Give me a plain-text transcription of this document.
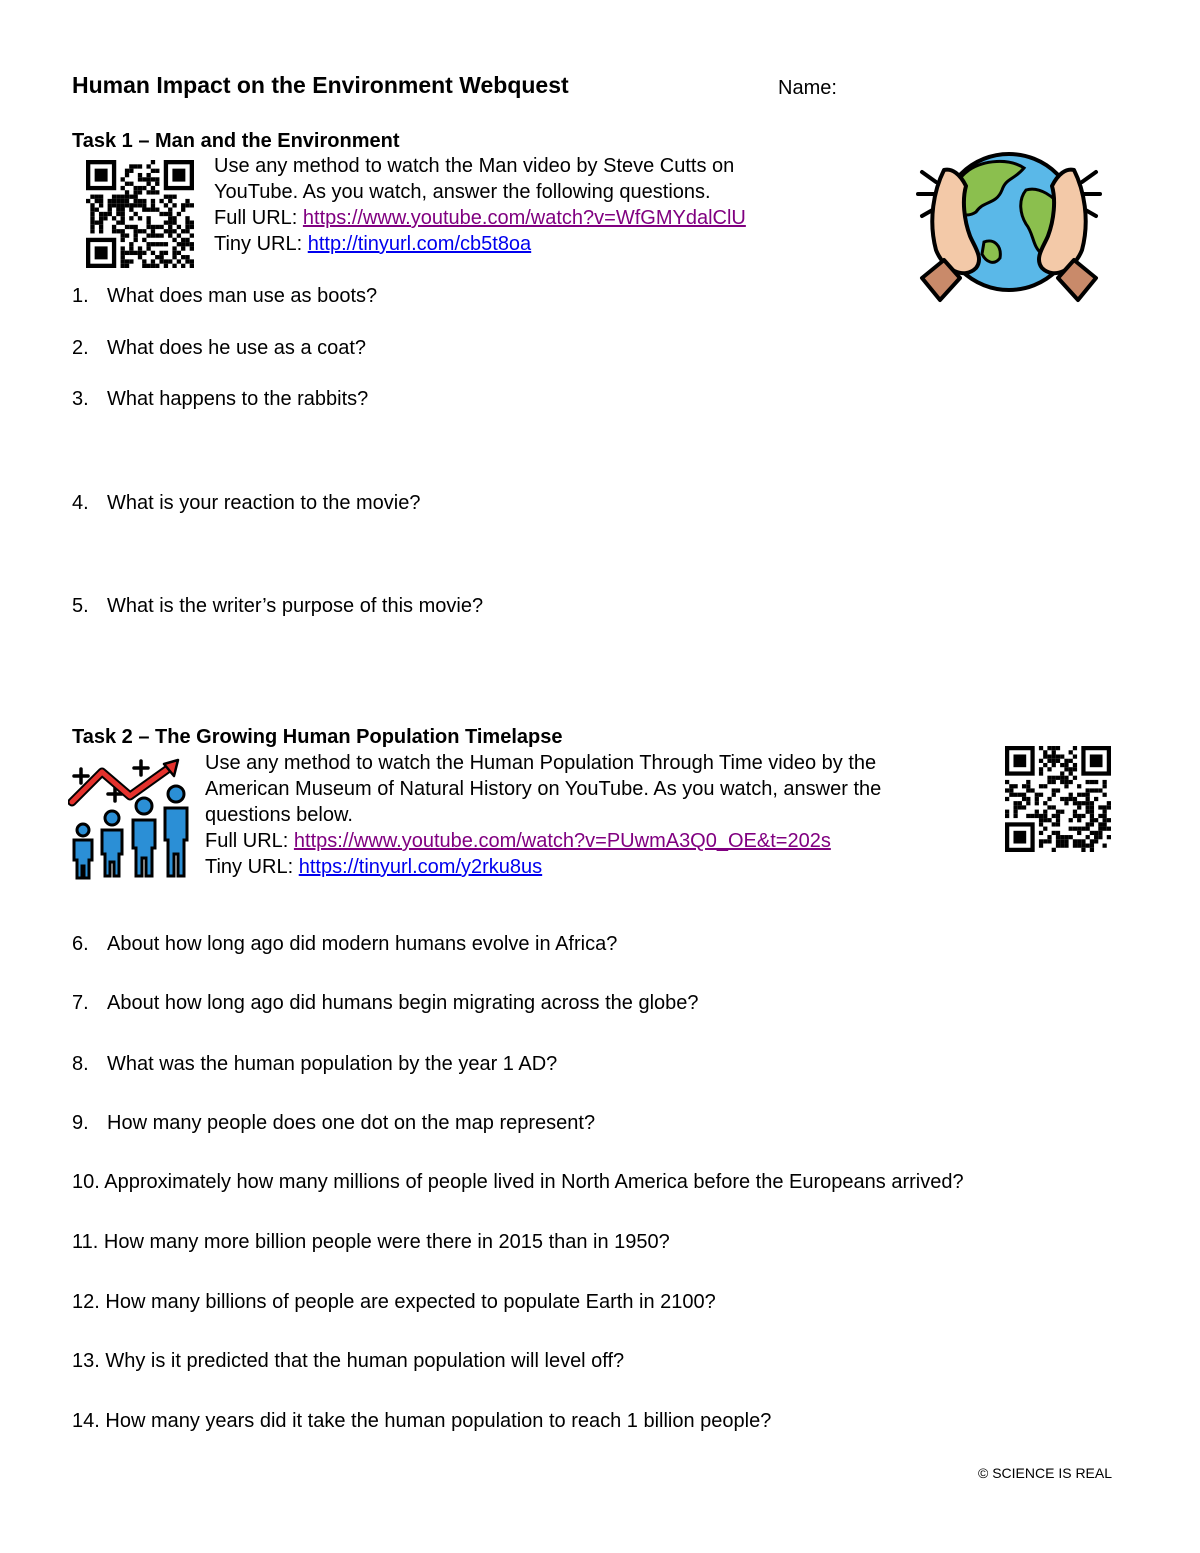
Human Impact on the Environment Webquest	Name:
Task 1 – Man and the Environment
Use any method to watch the Man video by Steve Cutts on
YouTube. As you watch, answer the following questions.
Full URL: https://www.youtube.com/watch?v=WfGMYdalClU
Tiny URL: http://tinyurl.com/cb5t8oa
1. What does man use as boots?
2. What does he use as a coat?
3. What happens to the rabbits?
4. What is your reaction to the movie?
5. What is the writer’s purpose of this movie?
Task 2 – The Growing Human Population Timelapse
Use any method to watch the Human Population Through Time video by the
American Museum of Natural History on YouTube. As you watch, answer the
questions below.
Full URL: https://www.youtube.com/watch?v=PUwmA3Q0_OE&t=202s
Tiny URL: https://tinyurl.com/y2rku8us
6. About how long ago did modern humans evolve in Africa?
7. About how long ago did humans begin migrating across the globe?
8. What was the human population by the year 1 AD?
9. How many people does one dot on the map represent?
10. Approximately how many millions of people lived in North America before the Europeans arrived?
11. How many more billion people were there in 2015 than in 1950?
12. How many billions of people are expected to populate Earth in 2100?
13. Why is it predicted that the human population will level off?
14. How many years did it take the human population to reach 1 billion people?
© SCIENCE IS REAL
